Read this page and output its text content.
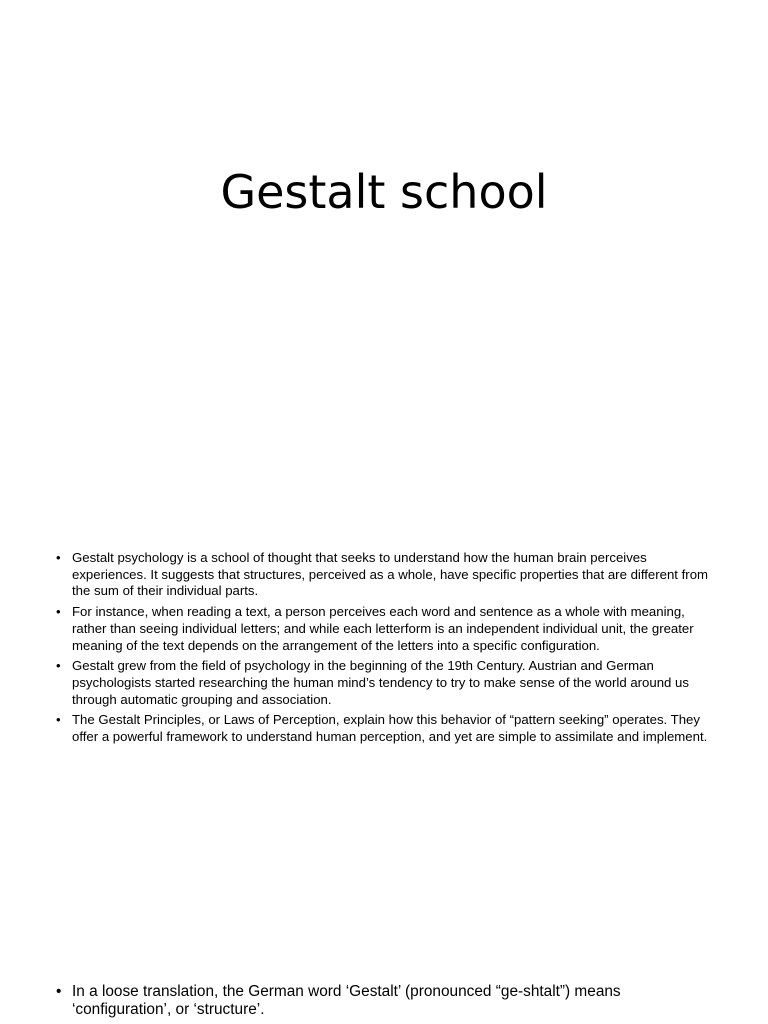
Gestalt school
• Gestalt psychology is a school of thought that seeks to understand how the human brain perceives experiences. It suggests that structures, perceived as a whole, have specific properties that are different from the sum of their individual parts.
• For instance, when reading a text, a person perceives each word and sentence as a whole with meaning, rather than seeing individual letters; and while each letterform is an independent individual unit, the greater meaning of the text depends on the arrangement of the letters into a specific configuration.
• Gestalt grew from the field of psychology in the beginning of the 19th Century. Austrian and German psychologists started researching the human mind’s tendency to try to make sense of the world around us through automatic grouping and association.
• The Gestalt Principles, or Laws of Perception, explain how this behavior of “pattern seeking” operates. They offer a powerful framework to understand human perception, and yet are simple to assimilate and implement.
• In a loose translation, the German word ‘Gestalt’ (pronounced “ge-shtalt”) means ‘configuration’, or ‘structure’.
